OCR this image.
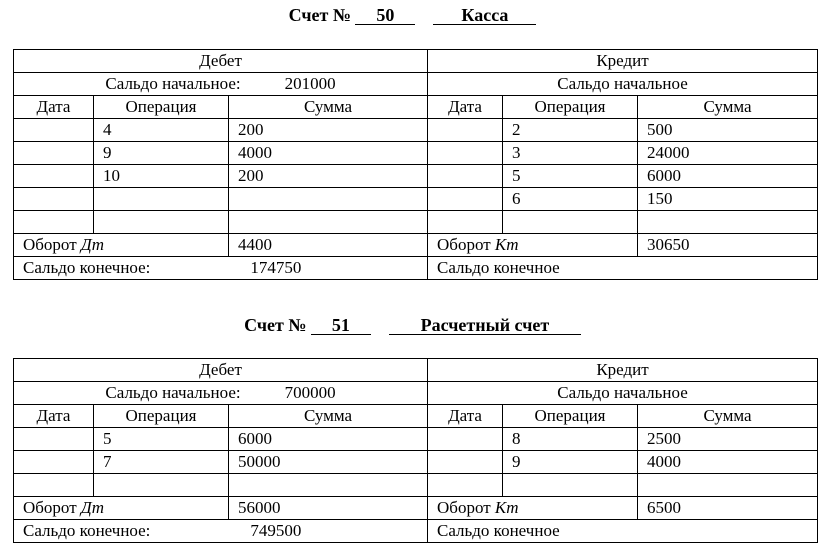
Счет № 50	Касса
Дебет			Кредит		
Сальдо начальное: 201000			Сальдо начальное		
Дата	Операция	Сумма	Дата	Операция	Сумма
	4	200		2	500
	9	4000		3	24000
	10	200		5	6000
				6	150

Оборот Дт		4400	Оборот Кт		30650
Сальдо конечное: 174750			Сальдо конечное		
Счет № 51	Расчетный счет
Дебет			Кредит		
Сальдо начальное: 700000			Сальдо начальное		
Дата	Операция	Сумма	Дата	Операция	Сумма
	5	6000		8	2500
	7	50000		9	4000

Оборот Дт		56000	Оборот Кт		6500
Сальдо конечное: 749500			Сальдо конечное		
